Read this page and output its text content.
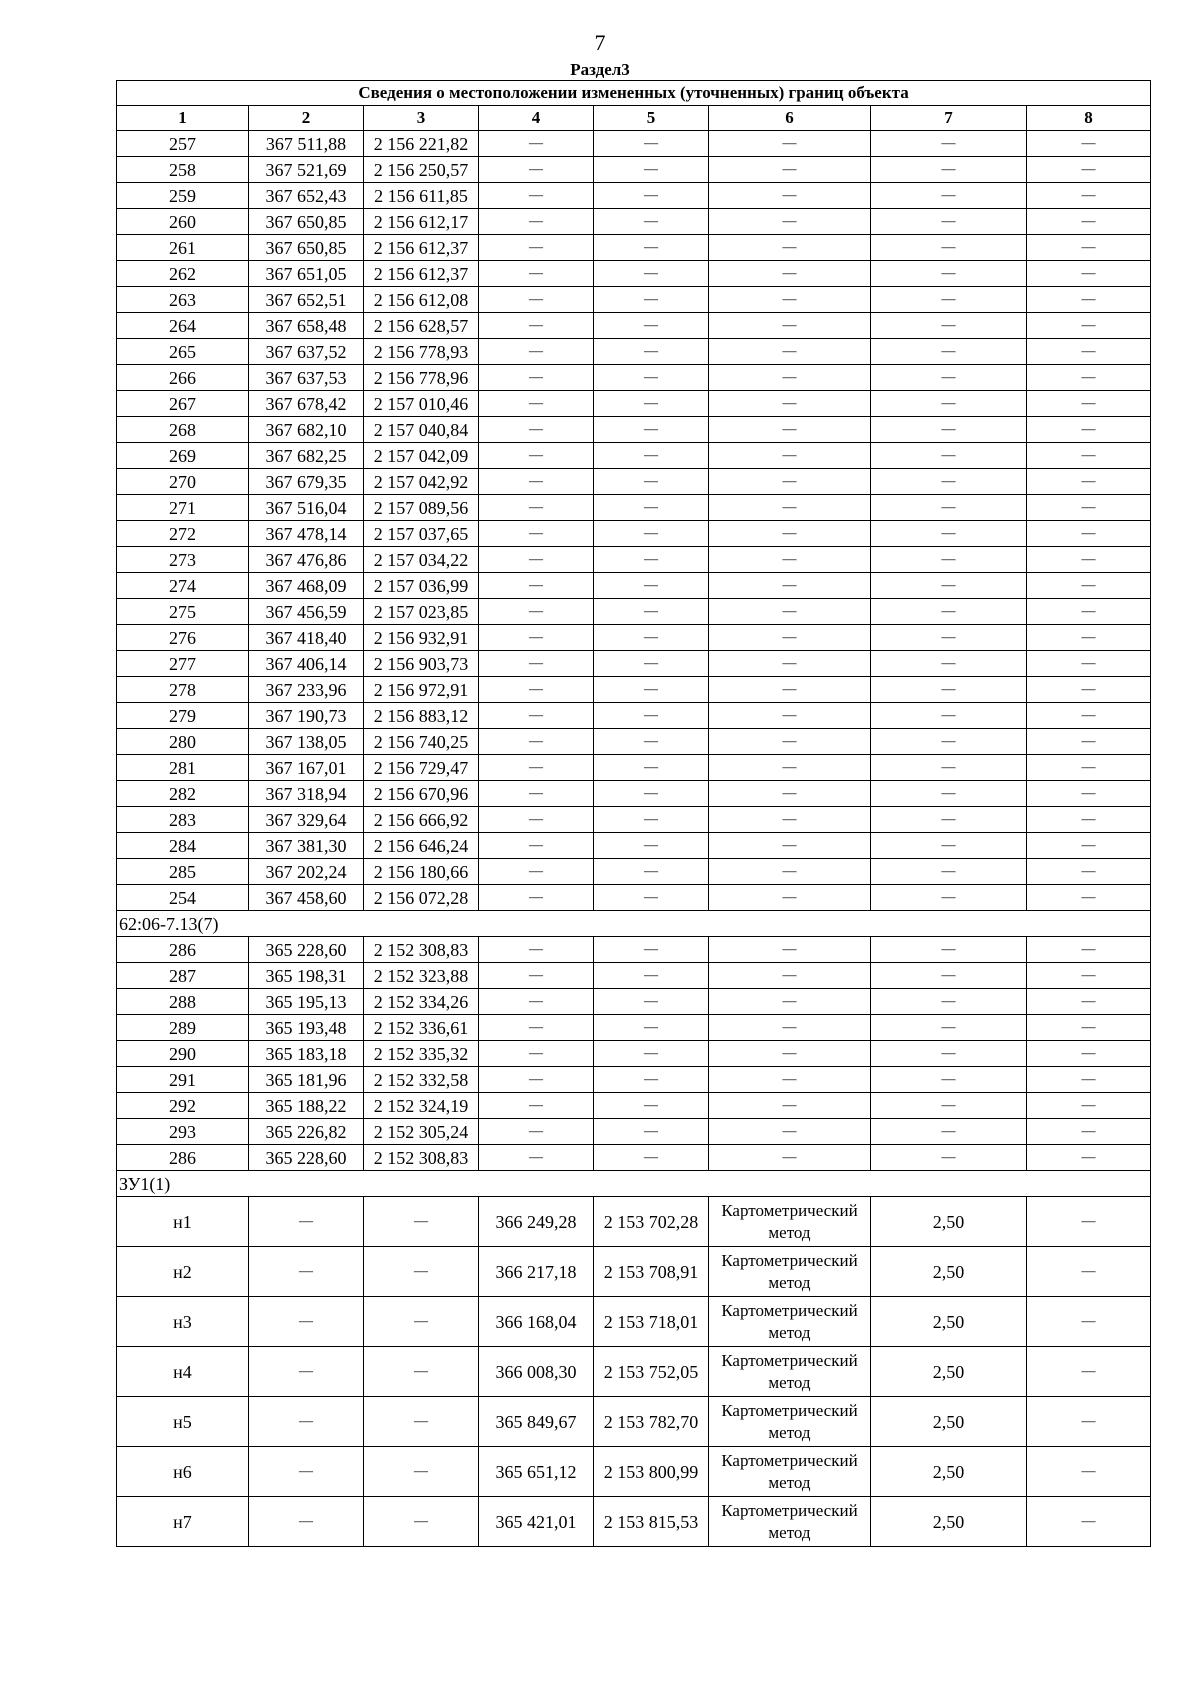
7
Раздел3
Сведения о местоположении измененных (уточненных) границ объекта							
1	2	3	4	5	6	7	8
257	367 511,88	2 156 221,82	—	—	—	—	—
258	367 521,69	2 156 250,57	—	—	—	—	—
259	367 652,43	2 156 611,85	—	—	—	—	—
260	367 650,85	2 156 612,17	—	—	—	—	—
261	367 650,85	2 156 612,37	—	—	—	—	—
262	367 651,05	2 156 612,37	—	—	—	—	—
263	367 652,51	2 156 612,08	—	—	—	—	—
264	367 658,48	2 156 628,57	—	—	—	—	—
265	367 637,52	2 156 778,93	—	—	—	—	—
266	367 637,53	2 156 778,96	—	—	—	—	—
267	367 678,42	2 157 010,46	—	—	—	—	—
268	367 682,10	2 157 040,84	—	—	—	—	—
269	367 682,25	2 157 042,09	—	—	—	—	—
270	367 679,35	2 157 042,92	—	—	—	—	—
271	367 516,04	2 157 089,56	—	—	—	—	—
272	367 478,14	2 157 037,65	—	—	—	—	—
273	367 476,86	2 157 034,22	—	—	—	—	—
274	367 468,09	2 157 036,99	—	—	—	—	—
275	367 456,59	2 157 023,85	—	—	—	—	—
276	367 418,40	2 156 932,91	—	—	—	—	—
277	367 406,14	2 156 903,73	—	—	—	—	—
278	367 233,96	2 156 972,91	—	—	—	—	—
279	367 190,73	2 156 883,12	—	—	—	—	—
280	367 138,05	2 156 740,25	—	—	—	—	—
281	367 167,01	2 156 729,47	—	—	—	—	—
282	367 318,94	2 156 670,96	—	—	—	—	—
283	367 329,64	2 156 666,92	—	—	—	—	—
284	367 381,30	2 156 646,24	—	—	—	—	—
285	367 202,24	2 156 180,66	—	—	—	—	—
254	367 458,60	2 156 072,28	—	—	—	—	—
62:06-7.13(7)							
286	365 228,60	2 152 308,83	—	—	—	—	—
287	365 198,31	2 152 323,88	—	—	—	—	—
288	365 195,13	2 152 334,26	—	—	—	—	—
289	365 193,48	2 152 336,61	—	—	—	—	—
290	365 183,18	2 152 335,32	—	—	—	—	—
291	365 181,96	2 152 332,58	—	—	—	—	—
292	365 188,22	2 152 324,19	—	—	—	—	—
293	365 226,82	2 152 305,24	—	—	—	—	—
286	365 228,60	2 152 308,83	—	—	—	—	—
ЗУ1(1)							
н1	—	—	366 249,28	2 153 702,28	Картометрический метод	2,50	—
н2	—	—	366 217,18	2 153 708,91	Картометрический метод	2,50	—
н3	—	—	366 168,04	2 153 718,01	Картометрический метод	2,50	—
н4	—	—	366 008,30	2 153 752,05	Картометрический метод	2,50	—
н5	—	—	365 849,67	2 153 782,70	Картометрический метод	2,50	—
н6	—	—	365 651,12	2 153 800,99	Картометрический метод	2,50	—
н7	—	—	365 421,01	2 153 815,53	Картометрический метод	2,50	—
